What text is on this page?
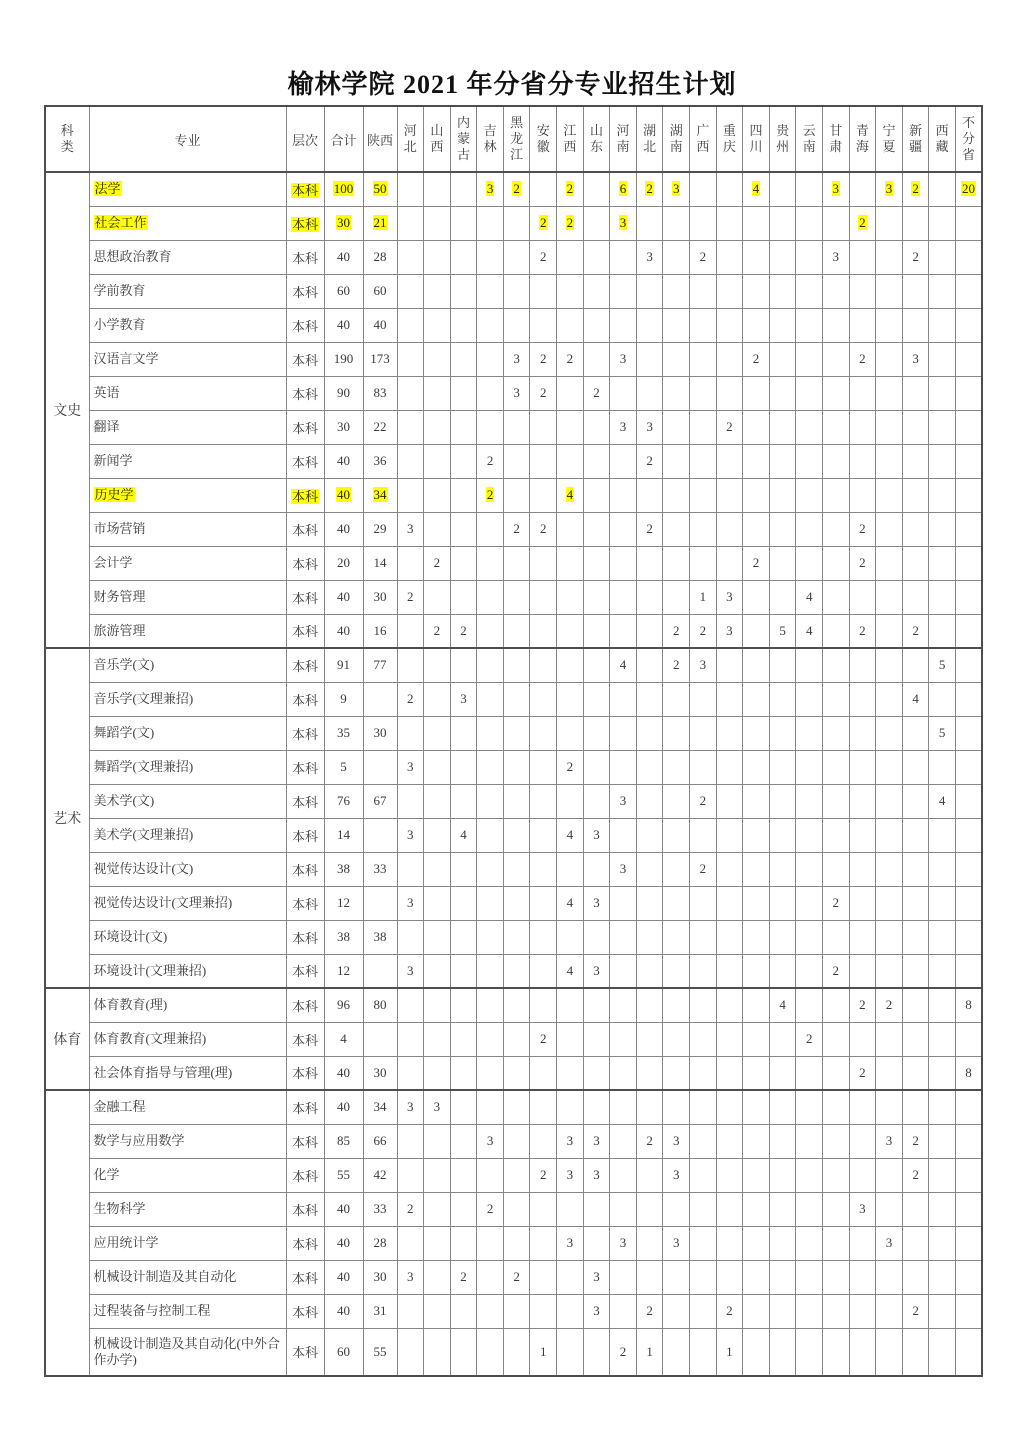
榆林学院 2021 年分省分专业招生计划
科类	专业	层次	合计	陕西	河北	山西	内蒙古	吉林	黑龙江	安徽	江西	山东	河南	湖北	湖南	广西	重庆	四川	贵州	云南	甘肃	青海	宁夏	新疆	西藏	不分省
文史	法学	本科	100	50				3	2		2		6	2	3			4			3		3	2		20
	社会工作	本科	30	21						2	2		3									2				
	思想政治教育	本科	40	28						2				3		2					3			2		
	学前教育	本科	60	60																						
	小学教育	本科	40	40																						
	汉语言文学	本科	190	173					3	2	2		3					2				2		3		
	英语	本科	90	83					3	2		2														
	翻译	本科	30	22									3	3			2									
	新闻学	本科	40	36				2						2												
	历史学	本科	40	34				2			4															
	市场营销	本科	40	29	3				2	2				2								2				
	会计学	本科	20	14		2												2				2				
	财务管理	本科	40	30	2											1	3			4						
	旅游管理	本科	40	16		2	2								2	2	3		5	4		2		2		
艺术	音乐学(文)	本科	91	77									4		2	3									5	
	音乐学(文理兼招)	本科	9		2		3																	4		
	舞蹈学(文)	本科	35	30																					5	
	舞蹈学(文理兼招)	本科	5		3						2															
	美术学(文)	本科	76	67									3			2									4	
	美术学(文理兼招)	本科	14		3		4				4	3														
	视觉传达设计(文)	本科	38	33									3			2										
	视觉传达设计(文理兼招)	本科	12		3						4	3									2					
	环境设计(文)	本科	38	38																						
	环境设计(文理兼招)	本科	12		3						4	3									2					
体育	体育教育(理)	本科	96	80															4			2	2			8
	体育教育(文理兼招)	本科	4							2										2						
	社会体育指导与管理(理)	本科	40	30																		2				8
	金融工程	本科	40	34	3	3																				
	数学与应用数学	本科	85	66				3			3	3		2	3								3	2		
	化学	本科	55	42						2	3	3			3									2		
	生物科学	本科	40	33	2			2														3				
	应用统计学	本科	40	28							3		3		3								3			
	机械设计制造及其自动化	本科	40	30	3		2		2			3														
	过程装备与控制工程	本科	40	31								3		2			2							2		
	机械设计制造及其自动化(中外合作办学)	本科	60	55						1			2	1			1									
